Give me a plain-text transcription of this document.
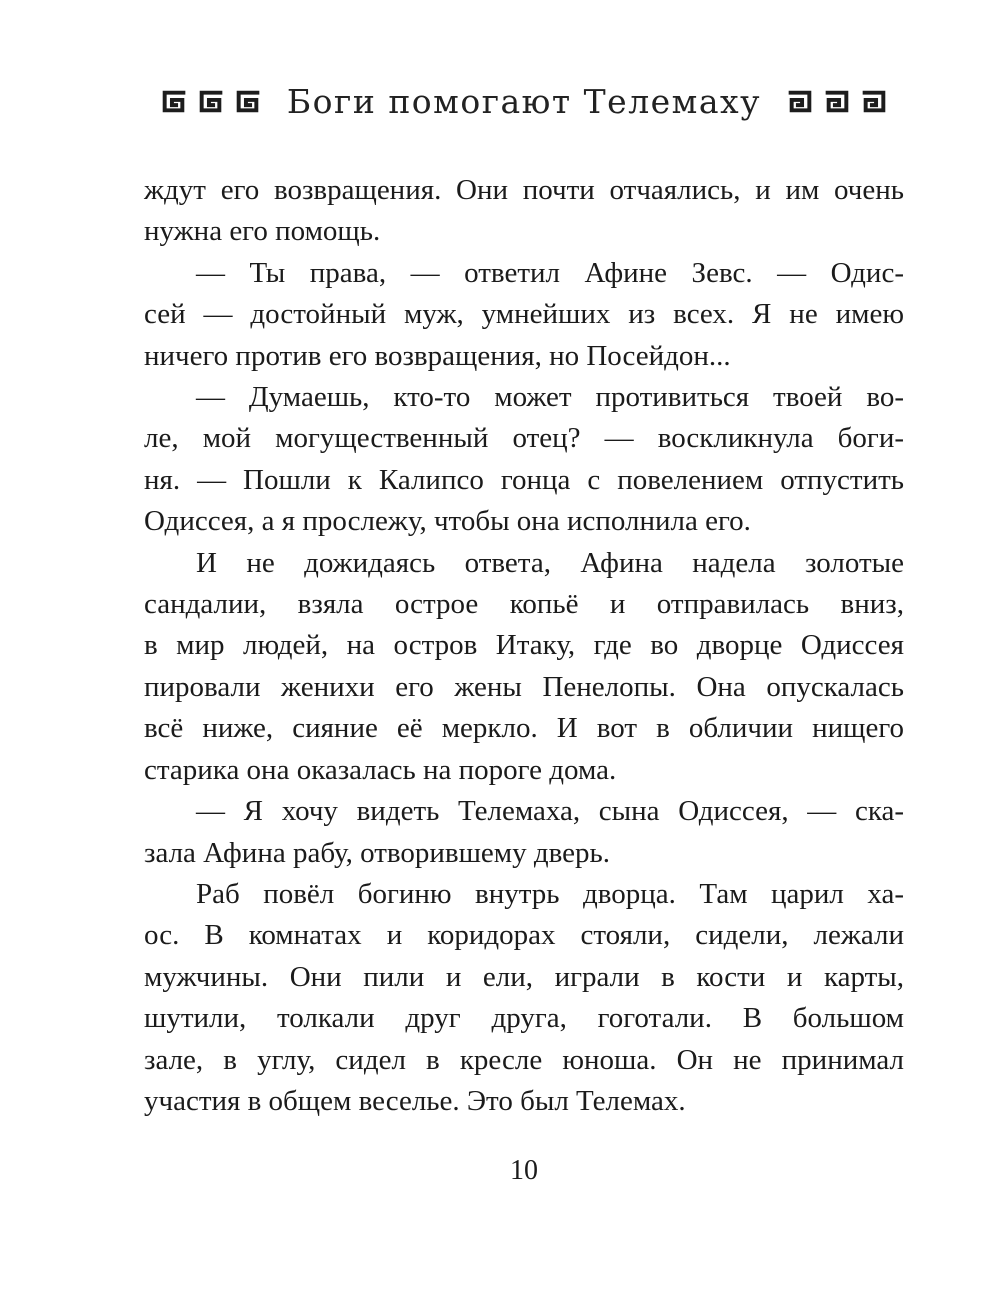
Боги помогают Телемаху
ждут его возвращения. Они почти отчаялись, и им очень
нужна его помощь.
— Ты права, — ответил Афине Зевс. — Одис-
сей — достойный муж, умнейших из всех. Я не имею
ничего против его возвращения, но Посейдон...
— Думаешь, кто-то может противиться твоей во-
ле, мой могущественный отец? — воскликнула боги-
ня. — Пошли к Калипсо гонца с повелением отпустить
Одиссея, а я прослежу, чтобы она исполнила его.
И не дожидаясь ответа, Афина надела золотые
сандалии, взяла острое копьё и отправилась вниз,
в мир людей, на остров Итаку, где во дворце Одиссея
пировали женихи его жены Пенелопы. Она опускалась
всё ниже, сияние её меркло. И вот в обличии нищего
старика она оказалась на пороге дома.
— Я хочу видеть Телемаха, сына Одиссея, — ска-
зала Афина рабу, отворившему дверь.
Раб повёл богиню внутрь дворца. Там царил ха-
ос. В комнатах и коридорах стояли, сидели, лежали
мужчины. Они пили и ели, играли в кости и карты,
шутили, толкали друг друга, гоготали. В большом
зале, в углу, сидел в кресле юноша. Он не принимал
участия в общем веселье. Это был Телемах.
10
